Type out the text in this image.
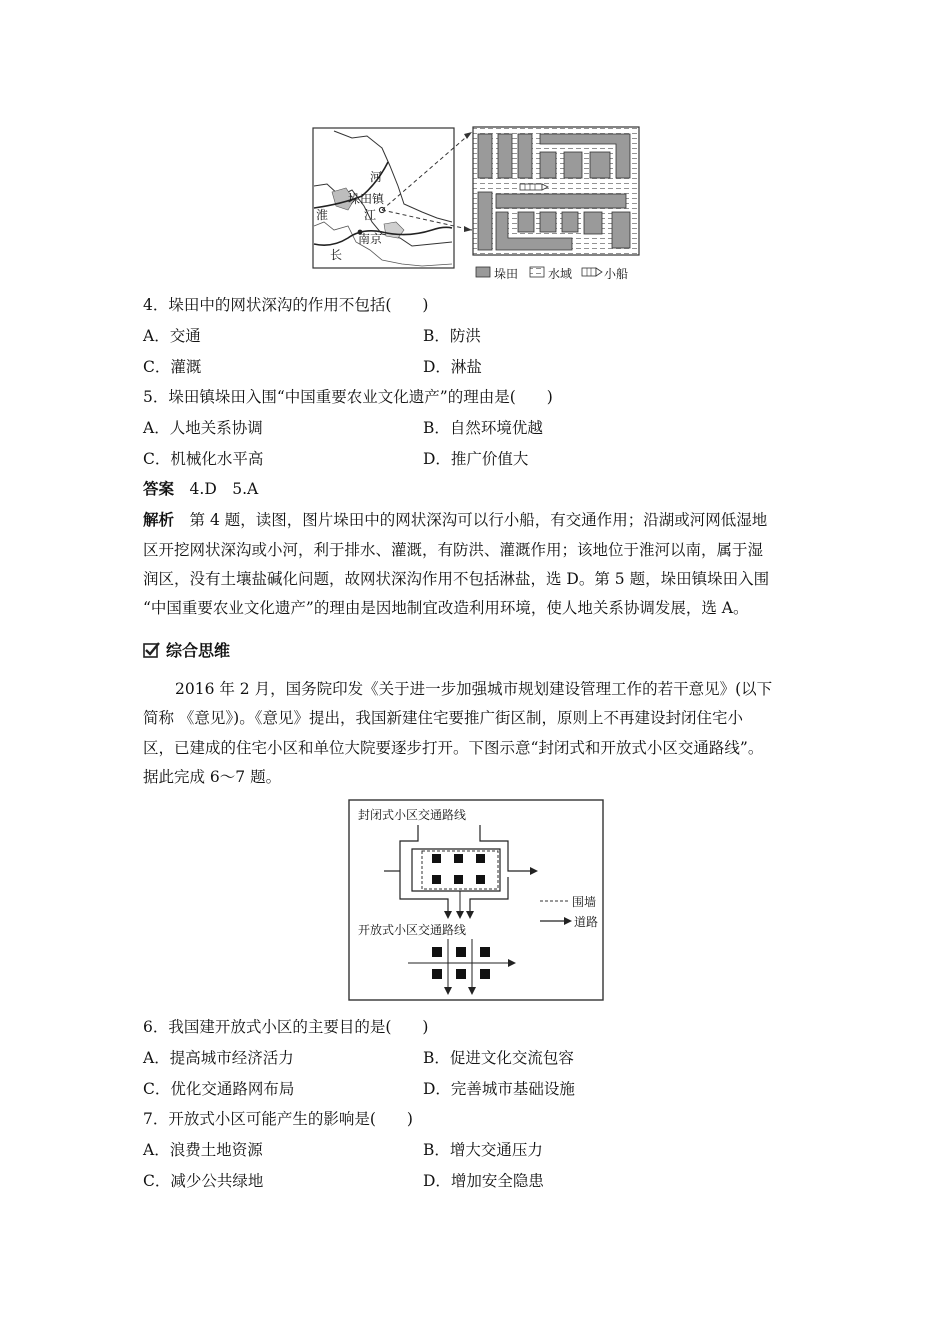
河
垛田镇
淮	江
南京
长
垛田 水域	小船
4．垛田中的网状深沟的作用不包括(　　)
A．交通	B．防洪
C．灌溉	D．淋盐
5．垛田镇垛田入围“中国重要农业文化遗产”的理由是(　　)
A．人地关系协调	B．自然环境优越
C．机械化水平高	D．推广价值大
答案　 4.D　5.A
解析　 第 4 题，读图，图片垛田中的网状深沟可以行小船，有交通作用；沿湖或河网低湿地
区开挖网状深沟或小河，利于排水、灌溉，有防洪、灌溉作用；该地位于淮河以南，属于湿
润区，没有土壤盐碱化问题，故网状深沟作用不包括淋盐，选 D。第 5 题，垛田镇垛田入围
“中国重要农业文化遗产”的理由是因地制宜改造利用环境，使人地关系协调发展，选 A。
综合思维
2016 年 2 月，国务院印发《关于进一步加强城市规划建设管理工作的若干意见》(以下
简称 《意见》)。《意见》提出，我国新建住宅要推广街区制，原则上不再建设封闭住宅小
区，已建成的住宅小区和单位大院要逐步打开。下图示意“封闭式和开放式小区交通路线”。
据此完成 6～7 题。
封闭式小区交通路线
开放式小区交通路线
围墙
道路
6．我国建开放式小区的主要目的是(　　)
A．提高城市经济活力	B．促进文化交流包容
C．优化交通路网布局	D．完善城市基础设施
7．开放式小区可能产生的影响是(　　)
A．浪费土地资源	B．增大交通压力
C．减少公共绿地	D．增加安全隐患
